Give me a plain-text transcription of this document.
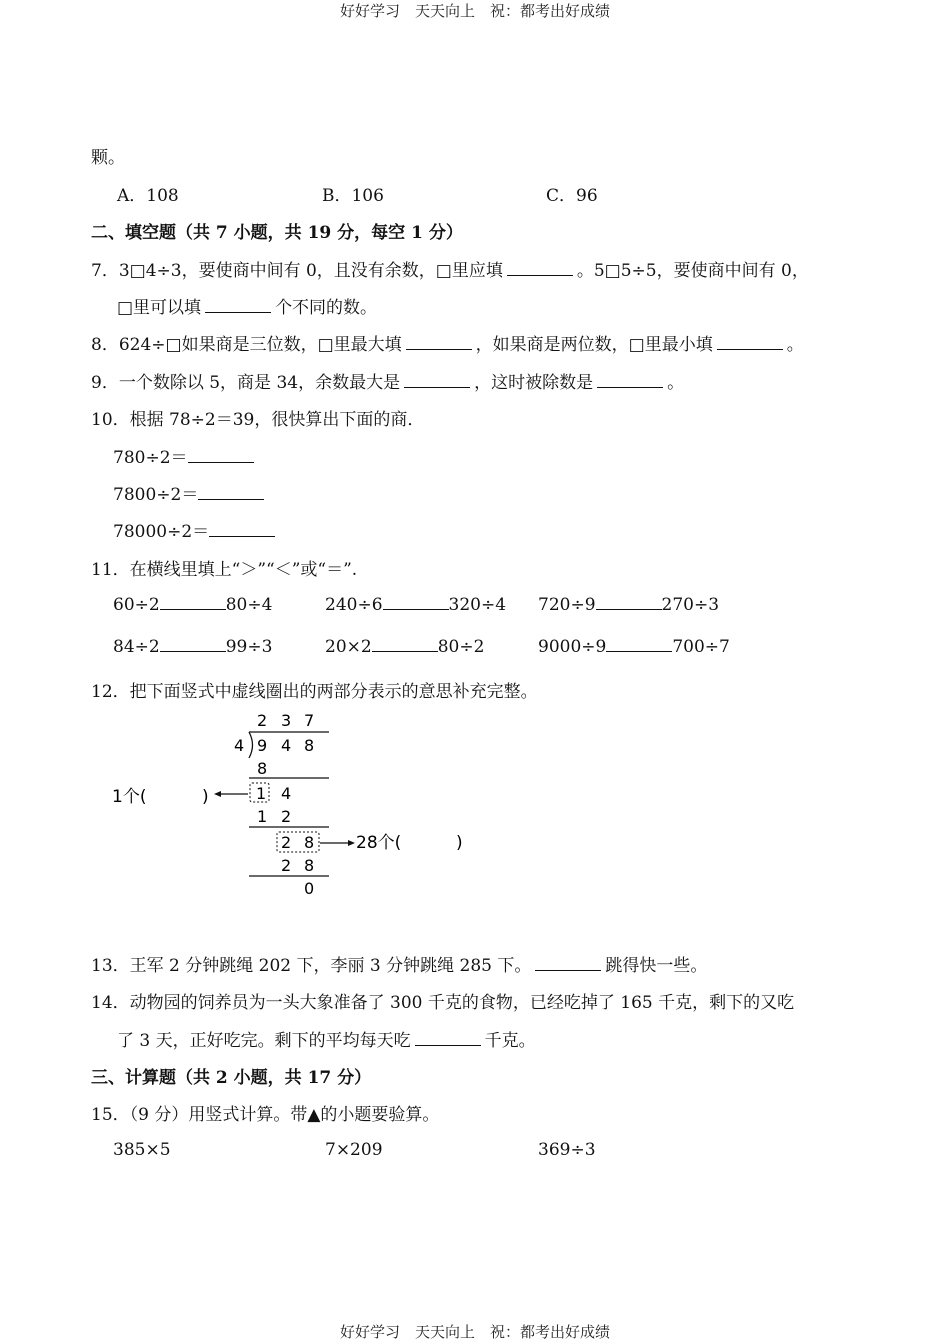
好好学习　天天向上　祝：都考出好成绩
好好学习　天天向上　祝：都考出好成绩
颗。
A．108	B．106	C．96
二、填空题（共 7 小题，共 19 分，每空 1 分）
7．3□4÷3，要使商中间有 0，且没有余数，□里应填	。5□5÷5，要使商中间有 0，
□里可以填	个不同的数。
8．624÷□如果商是三位数，□里最大填	，如果商是两位数，□里最小填	。
9．一个数除以 5，商是 34，余数最大是	，这时被除数是	。
10．根据 78÷2＝39，很快算出下面的商．
780÷2＝
7800÷2＝
78000÷2＝
11．在横线里填上“＞”“＜”或“＝”.
60÷2	80÷4	240÷6	320÷4 720÷9	270÷3
84÷2	99÷3	20×2	80÷2	9000÷9	700÷7
12．把下面竖式中虚线圈出的两部分表示的意思补充完整。
2 3 7
4 9 4 8
8
1 4
1 2
2 8
2 8
0
1个(	)
28个(	)
13．王军 2 分钟跳绳 202 下，李丽 3 分钟跳绳 285 下。	跳得快一些。
14．动物园的饲养员为一头大象准备了 300 千克的食物，已经吃掉了 165 千克，剩下的又吃
了 3 天，正好吃完。剩下的平均每天吃	千克。
三、计算题（共 2 小题，共 17 分）
15．（9 分）用竖式计算。带▲的小题要验算。
385×5	7×209	369÷3
